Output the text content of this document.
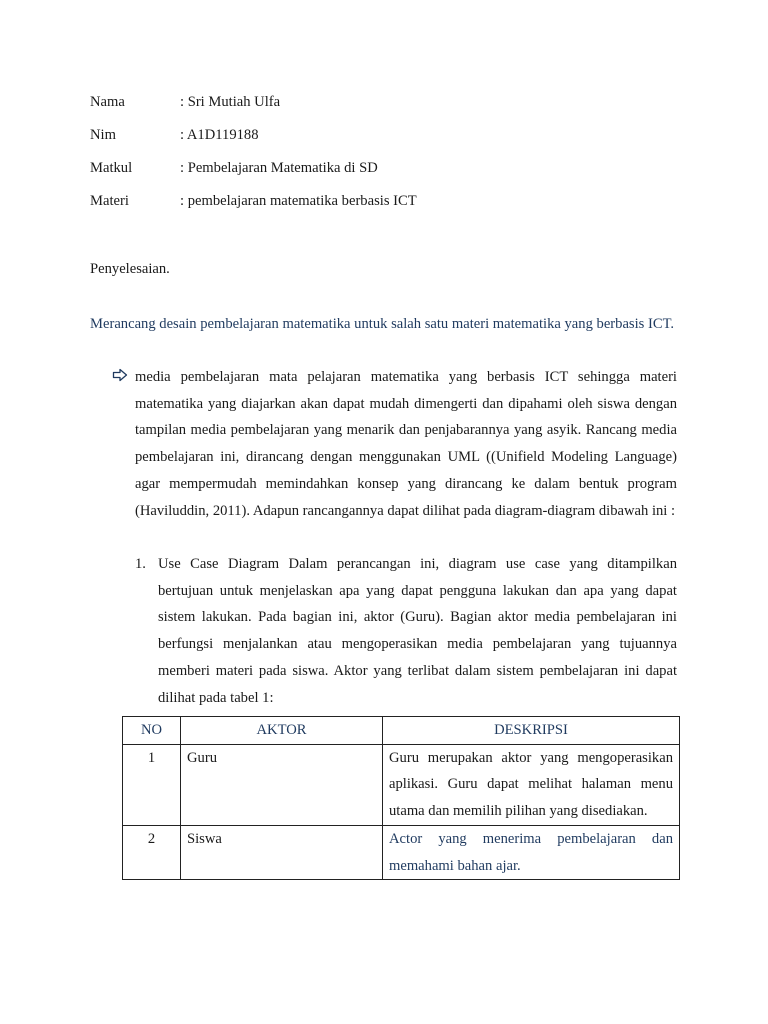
Nama	: Sri Mutiah Ulfa
Nim	: A1D119188
Matkul	: Pembelajaran Matematika di SD
Materi	: pembelajaran matematika berbasis ICT
Penyelesaian.
Merancang desain pembelajaran matematika untuk salah satu materi matematika yang berbasis ICT.
media pembelajaran mata pelajaran matematika yang berbasis ICT sehingga materi matematika yang diajarkan akan dapat mudah dimengerti dan dipahami oleh siswa dengan tampilan media pembelajaran yang menarik dan penjabarannya yang asyik. Rancang media pembelajaran ini, dirancang dengan menggunakan UML ((Unifield Modeling Language) agar mempermudah memindahkan konsep yang dirancang ke dalam bentuk program (Haviluddin, 2011). Adapun rancangannya dapat dilihat pada diagram-diagram dibawah ini :
1. Use Case Diagram Dalam perancangan ini, diagram use case yang ditampilkan bertujuan untuk menjelaskan apa yang dapat pengguna lakukan dan apa yang dapat sistem lakukan. Pada bagian ini, aktor (Guru). Bagian aktor media pembelajaran ini berfungsi menjalankan atau mengoperasikan media pembelajaran yang tujuannya memberi materi pada siswa. Aktor yang terlibat dalam sistem pembelajaran ini dapat dilihat pada tabel 1:
NO	AKTOR	DESKRIPSI
1	Guru	Guru merupakan aktor yang mengoperasikan aplikasi. Guru dapat melihat halaman menu utama dan memilih pilihan yang disediakan.
2	Siswa	Actor yang menerima pembelajaran dan memahami bahan ajar.
